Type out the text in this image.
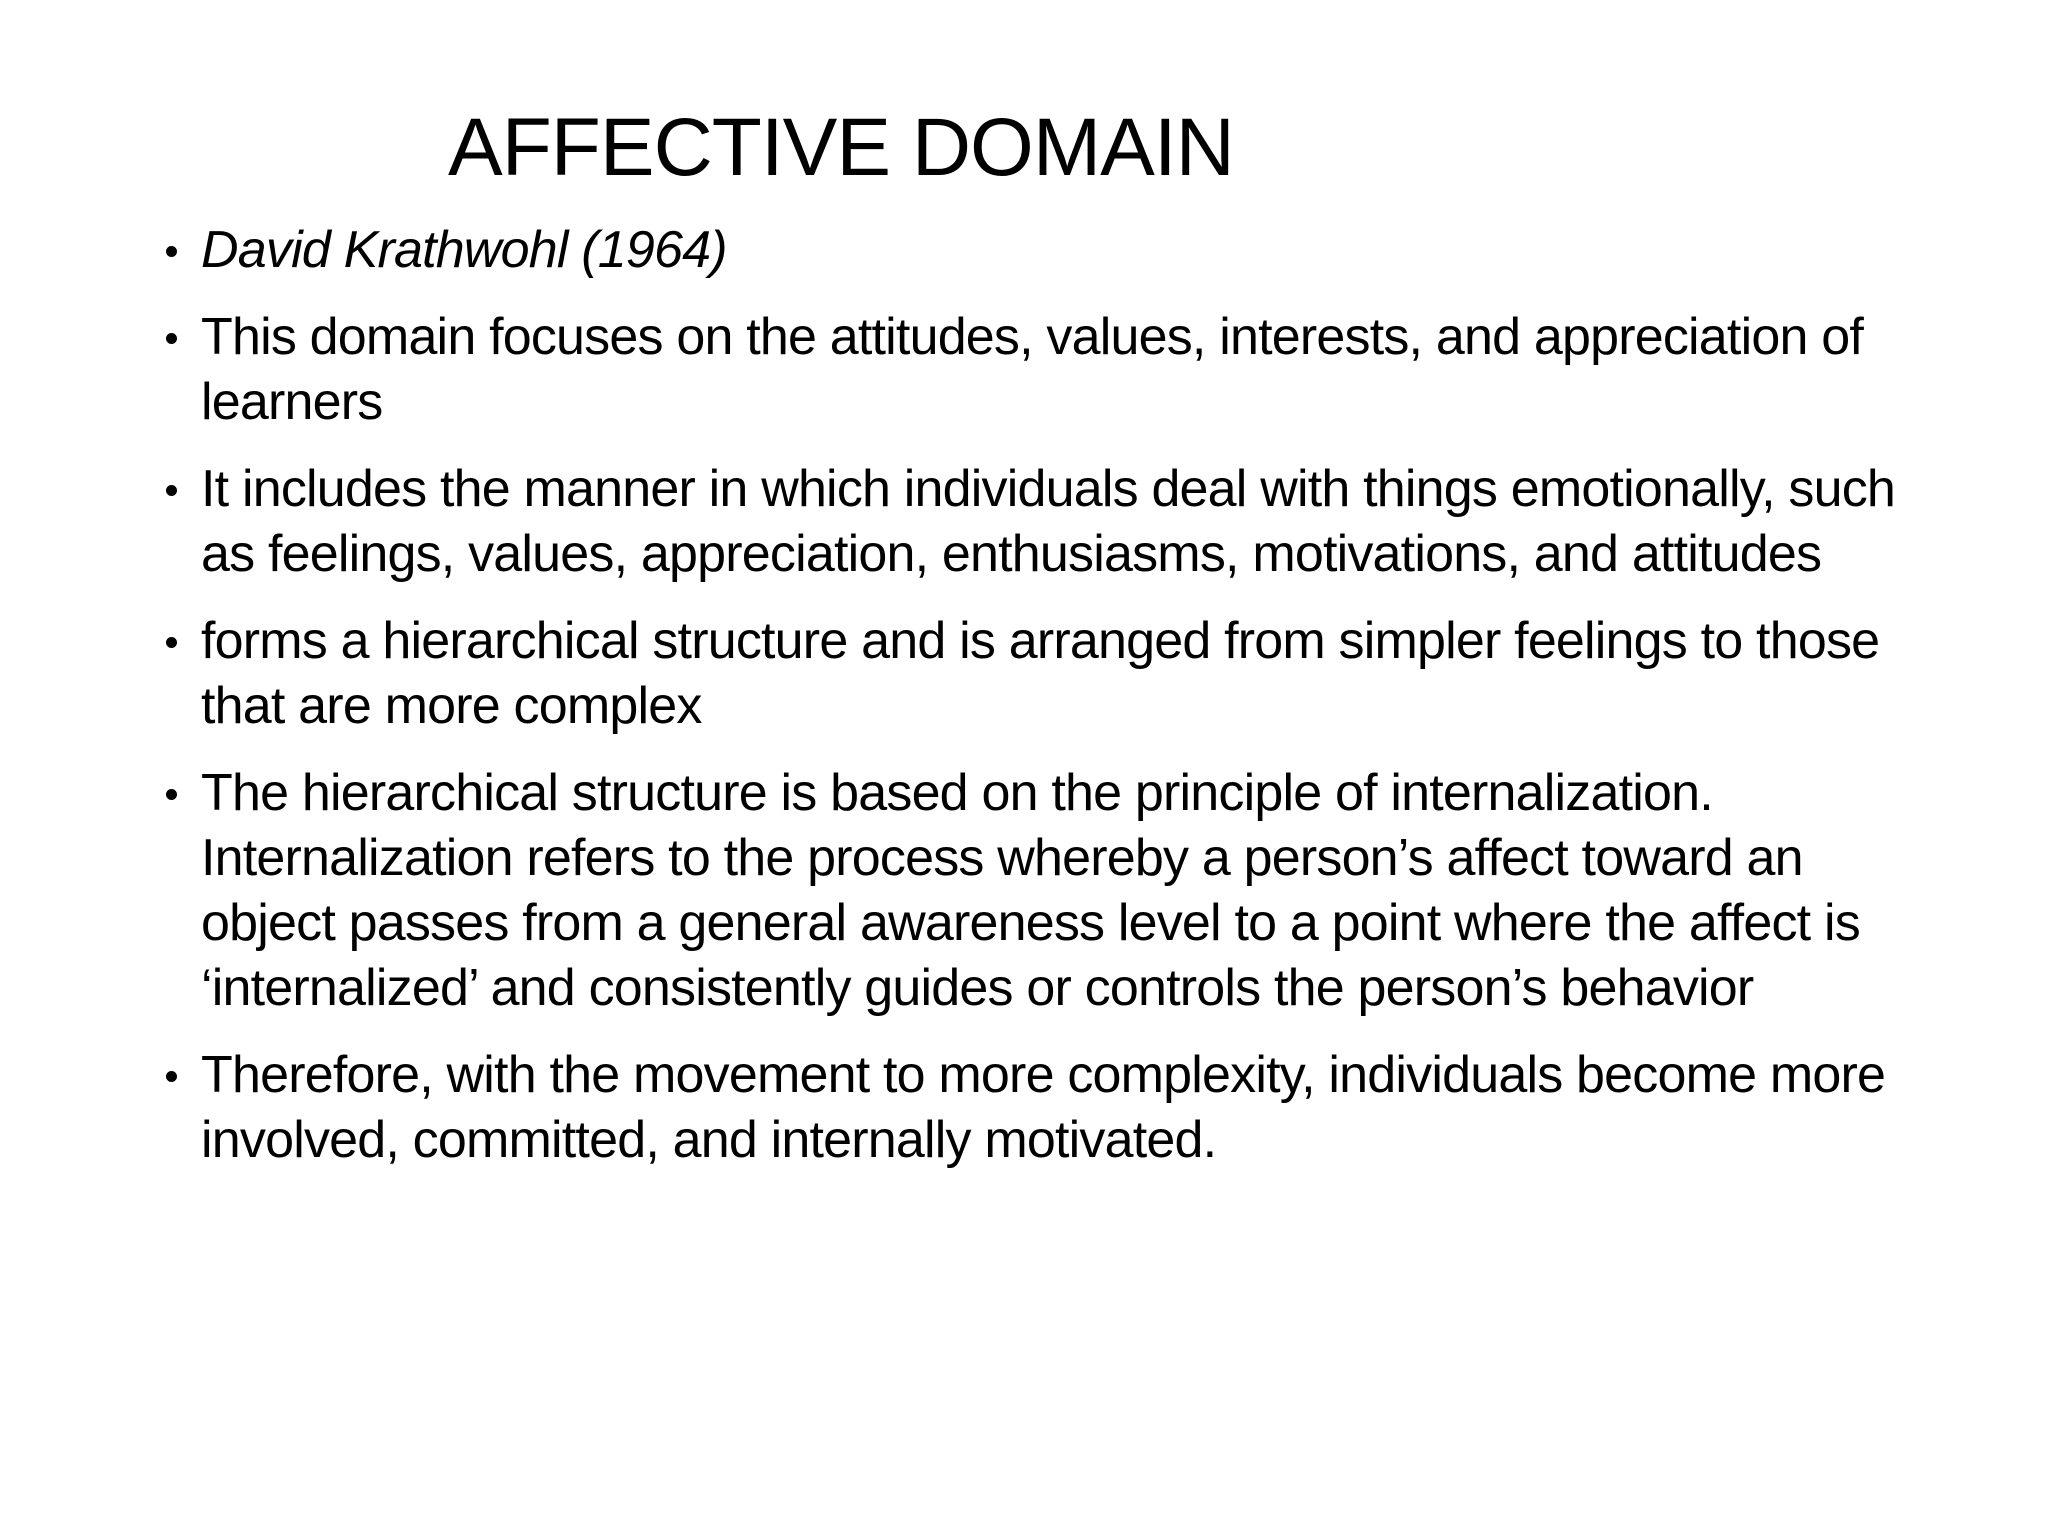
AFFECTIVE DOMAIN
David Krathwohl (1964)
This domain focuses on the attitudes, values, interests, and appreciation of learners
It includes the manner in which individuals deal with things emotionally, such as feelings, values, appreciation, enthusiasms, motivations, and attitudes
forms a hierarchical structure and is arranged from simpler feelings to those that are more complex
The hierarchical structure is based on the principle of internalization. Internalization refers to the process whereby a person’s affect toward an object passes from a general awareness level to a point where the affect is ‘internalized’ and consistently guides or controls the person’s behavior
Therefore, with the movement to more complexity, individuals become more involved, committed, and internally motivated.
